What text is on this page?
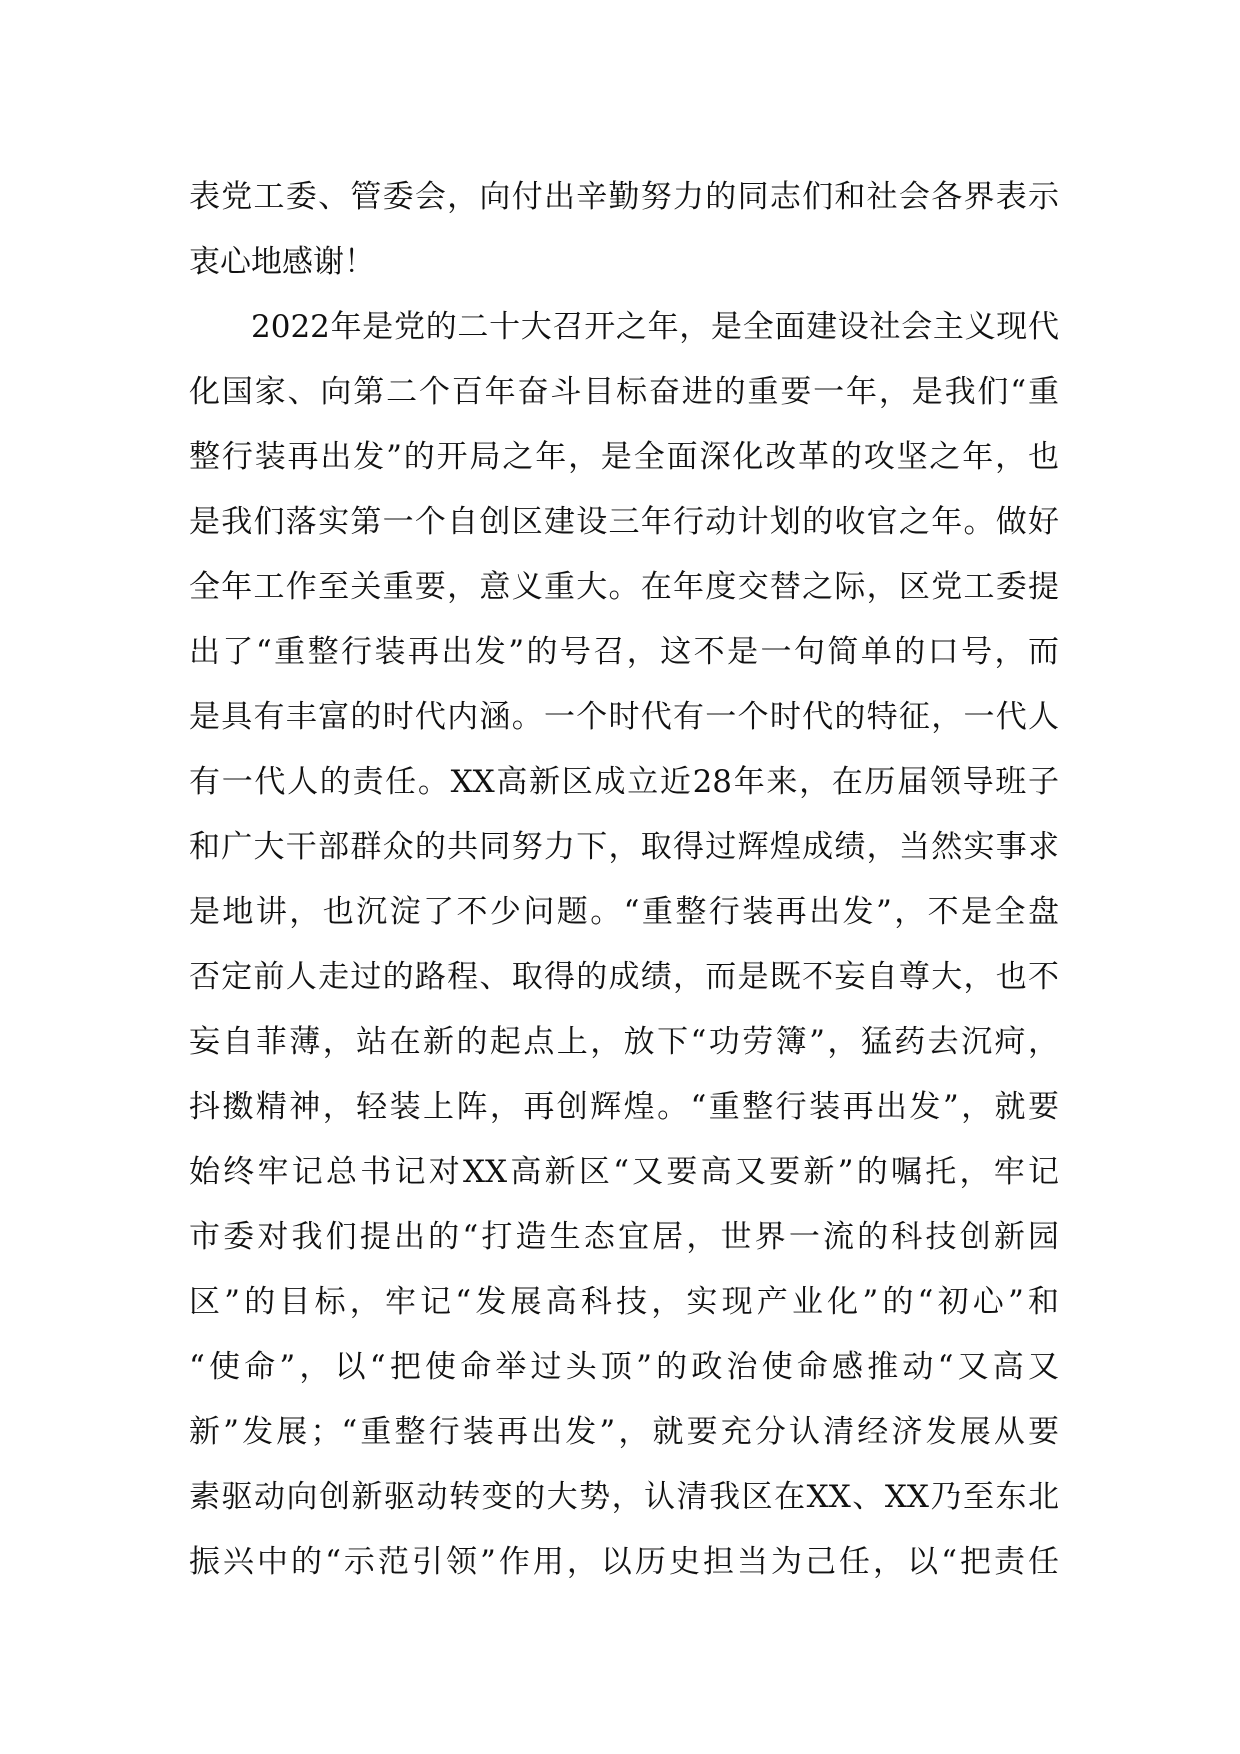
表党工委、管委会，向付出辛勤努力的同志们和社会各界表示
衷心地感谢！
2022年是党的二十大召开之年，是全面建设社会主义现代
化国家、向第二个百年奋斗目标奋进的重要一年，是我们“重
整行装再出发”的开局之年，是全面深化改革的攻坚之年，也
是我们落实第一个自创区建设三年行动计划的收官之年。做好
全年工作至关重要，意义重大。在年度交替之际，区党工委提
出了“重整行装再出发”的号召，这不是一句简单的口号，而
是具有丰富的时代内涵。一个时代有一个时代的特征，一代人
有一代人的责任。XX高新区成立近28年来，在历届领导班子
和广大干部群众的共同努力下，取得过辉煌成绩，当然实事求
是地讲，也沉淀了不少问题。“重整行装再出发”，不是全盘
否定前人走过的路程、取得的成绩，而是既不妄自尊大，也不
妄自菲薄，站在新的起点上，放下“功劳簿”，猛药去沉疴，
抖擞精神，轻装上阵，再创辉煌。“重整行装再出发”，就要
始终牢记总书记对XX高新区“又要高又要新”的嘱托，牢记
市委对我们提出的“打造生态宜居，世界一流的科技创新园
区”的目标，牢记“发展高科技，实现产业化”的“初心”和
“使命”，以“把使命举过头顶”的政治使命感推动“又高又
新”发展；“重整行装再出发”，就要充分认清经济发展从要
素驱动向创新驱动转变的大势，认清我区在XX、XX乃至东北
振兴中的“示范引领”作用，以历史担当为己任，以“把责任
